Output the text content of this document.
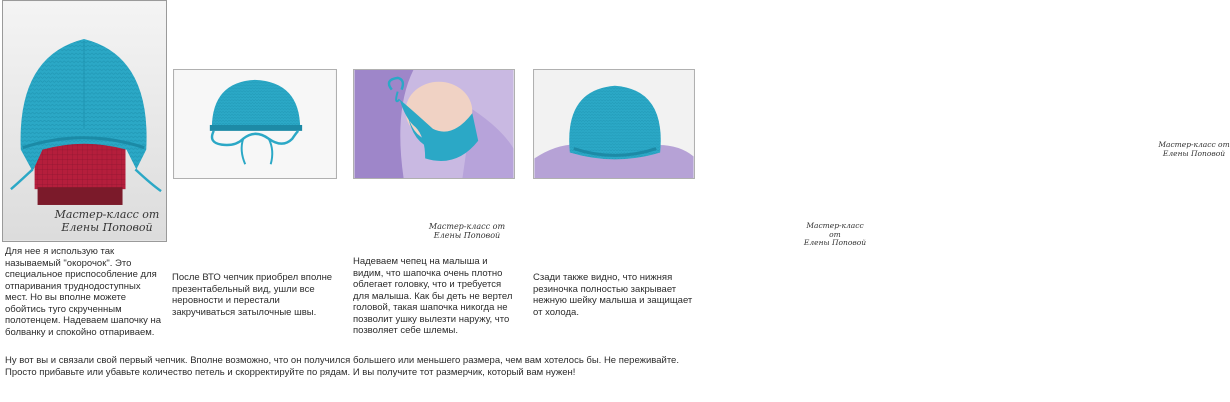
Мастер-класс от
Елены Поповой	Мастер-класс от
Елены Поповой
Мастер-класс от
Елены Поповой
Мастер-класс от
Елены Поповой

Для нее я использую так называемый "окорочок". Это специальное приспособление для отпаривания труднодоступных мест. Но вы вполне можете обойтись туго скрученным полотенцем. Надеваем шапочку на болванку и спокойно отпариваем.

После ВТО чепчик приобрел вполне презентабельный вид, ушли все неровности и перестали закручиваться затылочные швы.

Надеваем чепец на малыша и видим, что шапочка очень плотно облегает головку, что и требуется для малыша. Как бы деть не вертел головой, такая шапочка никогда не позволит ушку вылезти наружу, что позволяет себе шлемы.

Сзади также видно, что нижняя резиночка полностью закрывает нежную шейку малыша и защищает от холода.

Ну вот вы и связали свой первый чепчик. Вполне возможно, что он получился большего или меньшего размера, чем вам хотелось бы. Не переживайте. Просто прибавьте или убавьте количество петель и скорректируйте по рядам. И вы получите тот размерчик, который вам нужен!
